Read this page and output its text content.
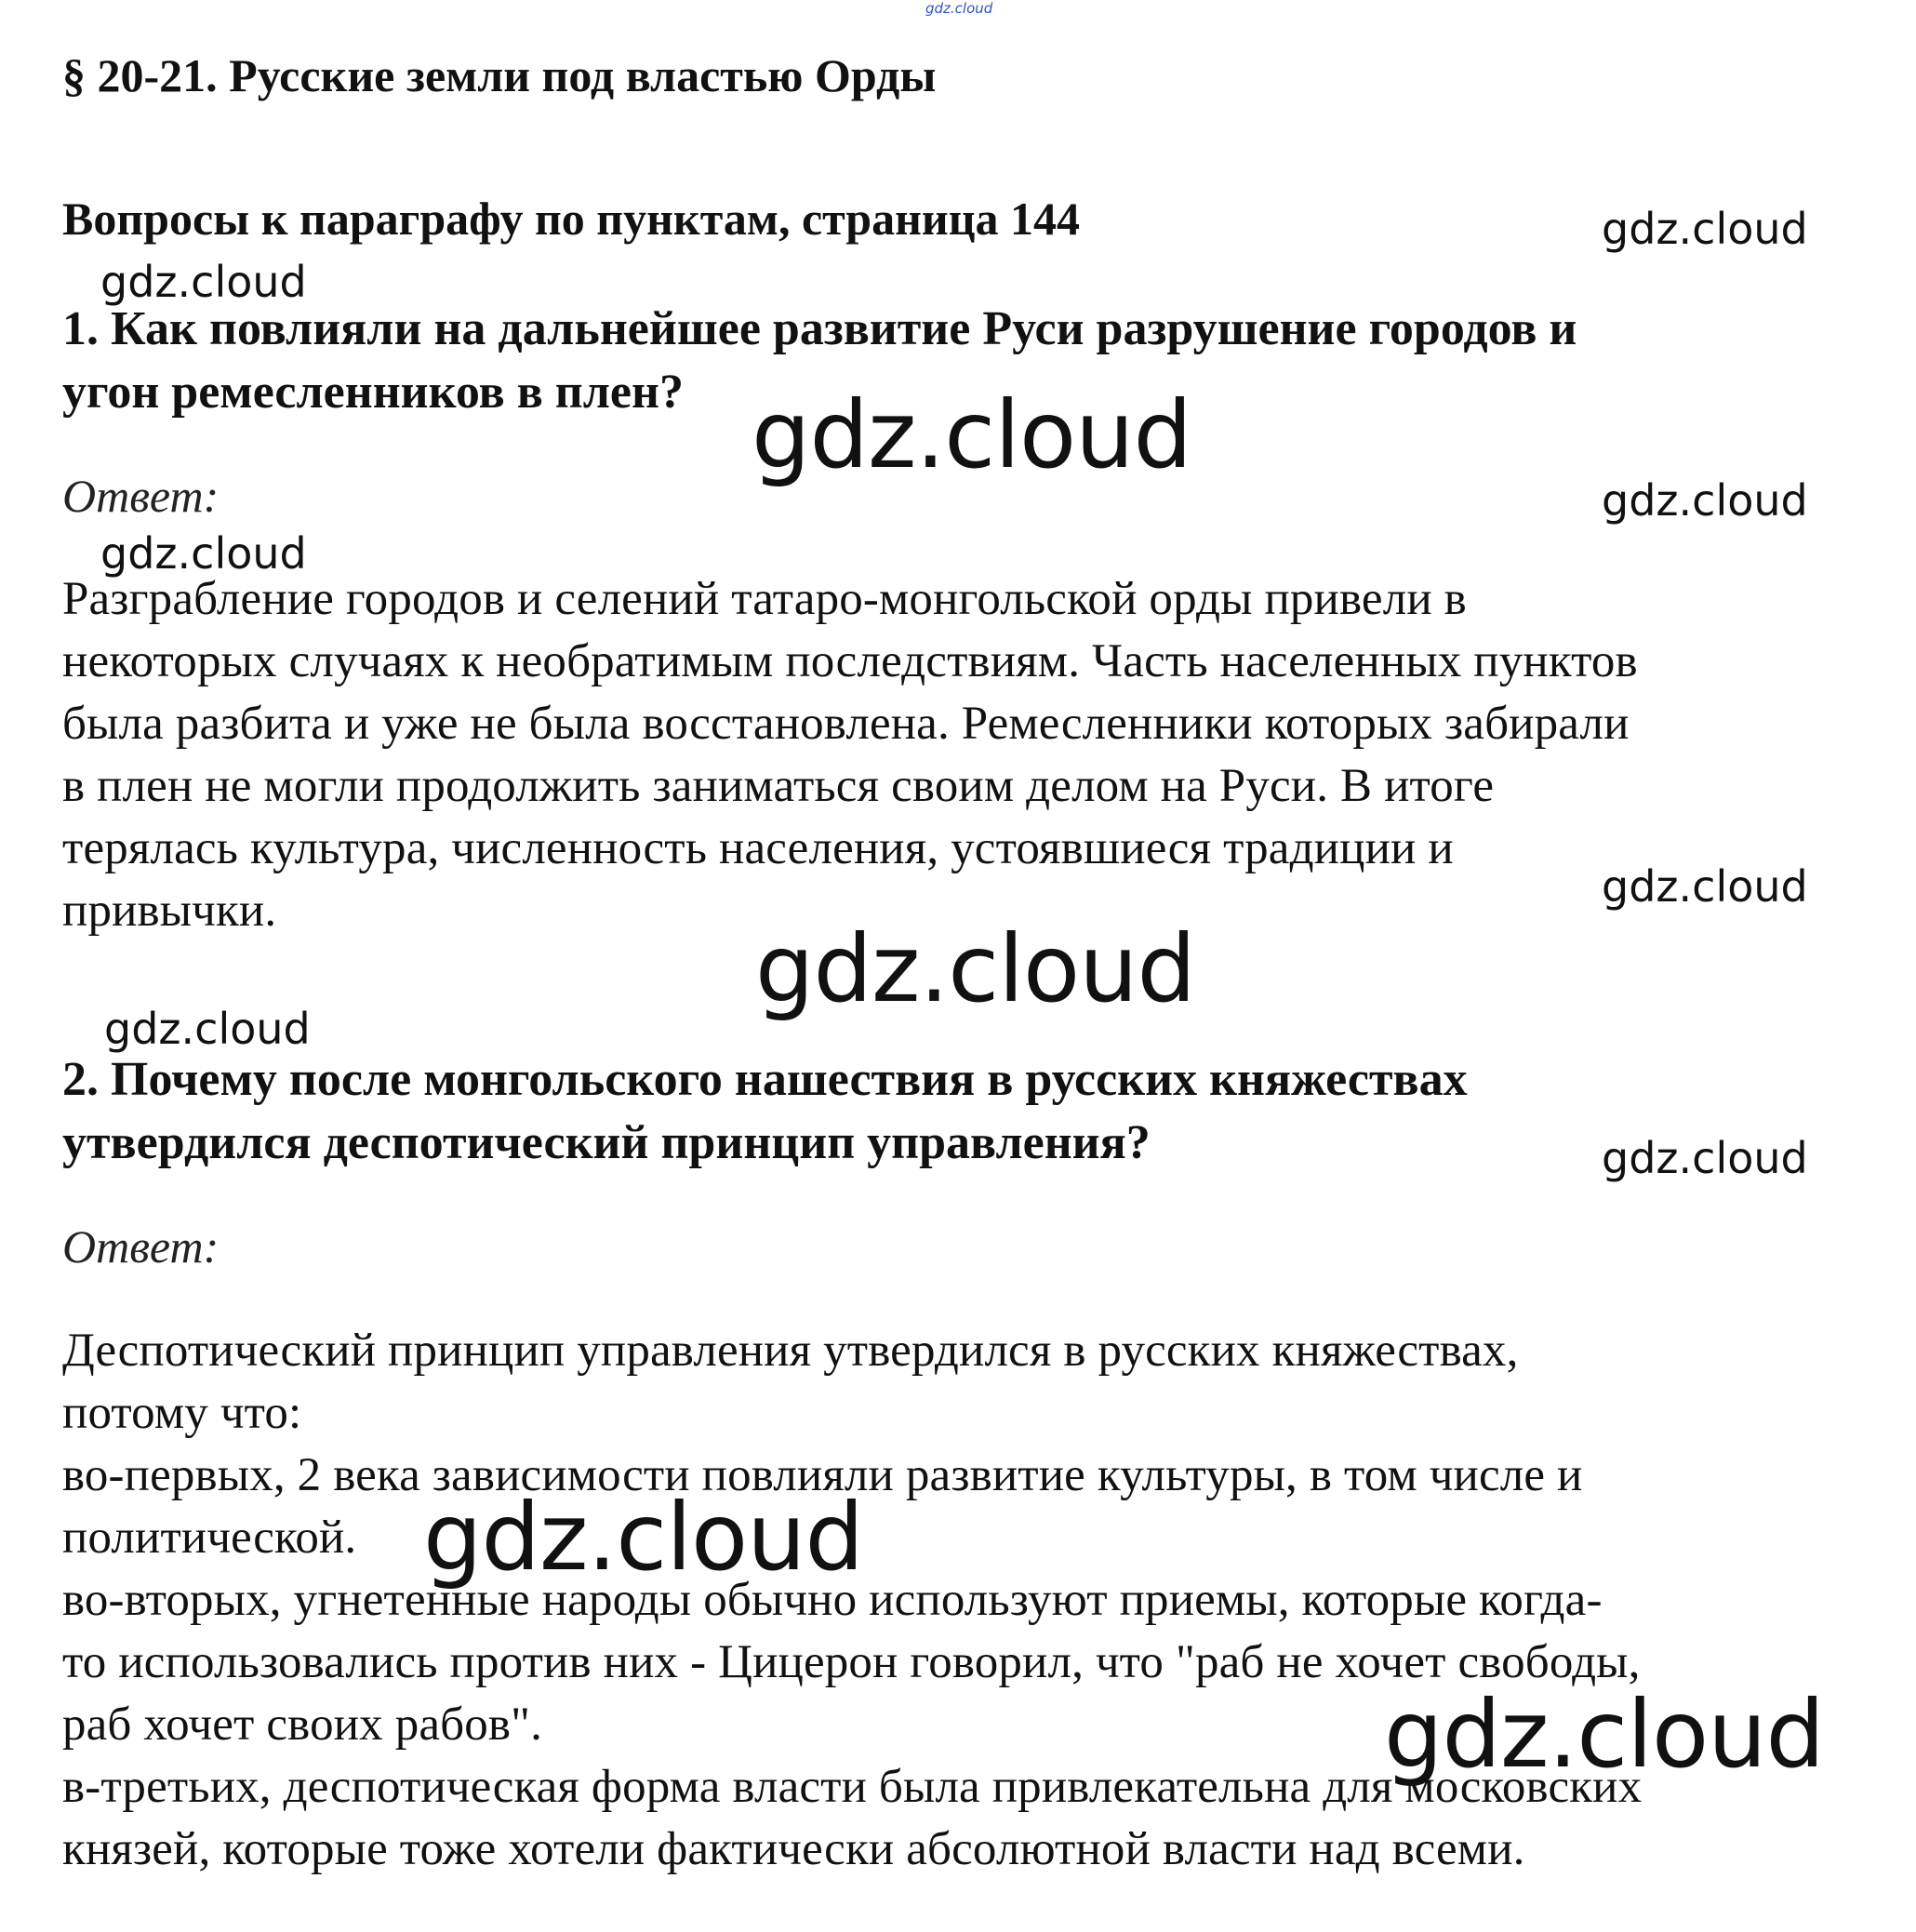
gdz.cloud
§ 20-21. Русские земли под властью Орды
Вопросы к параграфу по пунктам, страница 144
1. Как повлияли на дальнейшее развитие Руси разрушение городов и
угон ремесленников в плен?
Ответ:
Разграбление городов и селений татаро-монгольской орды привели в
некоторых случаях к необратимым последствиям. Часть населенных пунктов
была разбита и уже не была восстановлена. Ремесленники которых забирали
в плен не могли продолжить заниматься своим делом на Руси. В итоге
терялась культура, численность населения, устоявшиеся традиции и
привычки.
2. Почему после монгольского нашествия в русских княжествах
утвердился деспотический принцип управления?
Ответ:
Деспотический принцип управления утвердился в русских княжествах,
потому что:
во-первых, 2 века зависимости повлияли развитие культуры, в том числе и
политической.
во-вторых, угнетенные народы обычно используют приемы, которые когда-
то использовались против них - Цицерон говорил, что "раб не хочет свободы,
раб хочет своих рабов".
в-третьих, деспотическая форма власти была привлекательна для московских
князей, которые тоже хотели фактически абсолютной власти над всеми.
gdz.cloud
gdz.cloud
gdz.cloud
gdz.cloud
gdz.cloud
gdz.cloud
gdz.cloud
gdz.cloud
gdz.cloud
gdz.cloud
gdz.cloud
